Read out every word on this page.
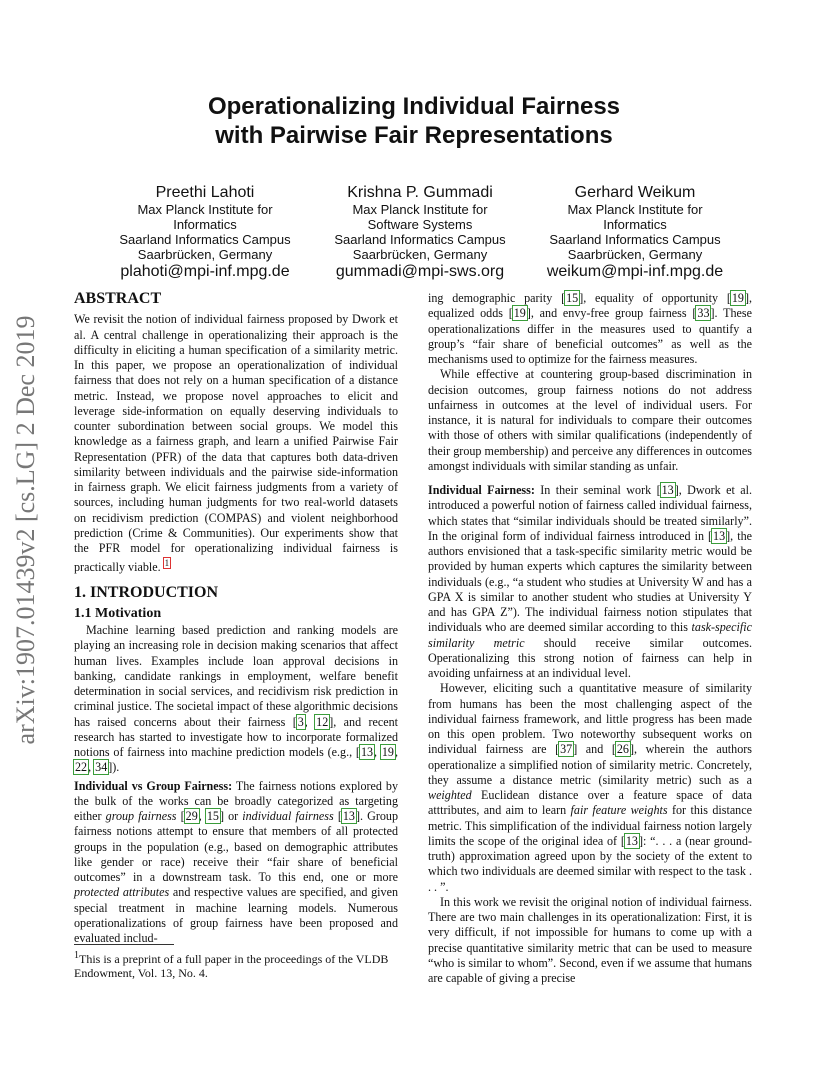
arXiv:1907.01439v2 [cs.LG] 2 Dec 2019
Operationalizing Individual Fairness
with Pairwise Fair Representations
Preethi Lahoti
Max Planck Institute for
Informatics
Saarland Informatics Campus
Saarbrücken, Germany
plahoti@mpi-inf.mpg.de
Krishna P. Gummadi
Max Planck Institute for
Software Systems
Saarland Informatics Campus
Saarbrücken, Germany
gummadi@mpi-sws.org
Gerhard Weikum
Max Planck Institute for
Informatics
Saarland Informatics Campus
Saarbrücken, Germany
weikum@mpi-inf.mpg.de
ABSTRACT

We revisit the notion of individual fairness proposed by Dwork et al. A central challenge in operationalizing their approach is the difficulty in eliciting a human specification of a similarity metric. In this paper, we propose an operationalization of individual fairness that does not rely on a human specification of a distance metric. Instead, we propose novel approaches to elicit and leverage side-information on equally deserving individuals to counter subordination between social groups. We model this knowledge as a fairness graph, and learn a unified Pairwise Fair Representation (PFR) of the data that captures both data-driven similarity between individuals and the pairwise side-information in fairness graph. We elicit fairness judgments from a variety of sources, including human judgments for two real-world datasets on recidivism prediction (COMPAS) and violent neighborhood prediction (Crime & Communities). Our experiments show that the PFR model for operationalizing individual fairness is practically viable. $^1$

1. INTRODUCTION
1.1 Motivation

Machine learning based prediction and ranking models are playing an increasing role in decision making scenarios that affect human lives. Examples include loan approval decisions in banking, candidate rankings in employment, welfare benefit determination in social services, and recidivism risk prediction in criminal justice. The societal impact of these algorithmic decisions has raised concerns about their fairness [3, 12], and recent research has started to investigate how to incorporate formalized notions of fairness into machine prediction models (e.g., [13, 19, 22, 34]).

Individual vs Group Fairness: The fairness notions explored by the bulk of the works can be broadly categorized as targeting either group fairness [29, 15] or individual fairness [13]. Group fairness notions attempt to ensure that members of all protected groups in the population (e.g., based on demographic attributes like gender or race) receive their “fair share of beneficial outcomes” in a downstream task. To this end, one or more protected attributes and respective values are specified, and given special treatment in machine learning models. Numerous operationalizations of group fairness have been proposed and evaluated includ-

$^1$This is a preprint of a full paper in the proceedings of the VLDB Endowment, Vol. 13, No. 4.

ing demographic parity [15], equality of opportunity [19], equalized odds [19], and envy-free group fairness [33]. These operationalizations differ in the measures used to quantify a group’s “fair share of beneficial outcomes” as well as the mechanisms used to optimize for the fairness measures.

While effective at countering group-based discrimination in decision outcomes, group fairness notions do not address unfairness in outcomes at the level of individual users. For instance, it is natural for individuals to compare their outcomes with those of others with similar qualifications (independently of their group membership) and perceive any differences in outcomes amongst individuals with similar standing as unfair.

Individual Fairness: In their seminal work [13], Dwork et al. introduced a powerful notion of fairness called individual fairness, which states that “similar individuals should be treated similarly”. In the original form of individual fairness introduced in [13], the authors envisioned that a task-specific similarity metric would be provided by human experts which captures the similarity between individuals (e.g., “a student who studies at University W and has a GPA X is similar to another student who studies at University Y and has GPA Z”). The individual fairness notion stipulates that individuals who are deemed similar according to this task-specific similarity metric should receive similar outcomes. Operationalizing this strong notion of fairness can help in avoiding unfairness at an individual level.

However, eliciting such a quantitative measure of similarity from humans has been the most challenging aspect of the individual fairness framework, and little progress has been made on this open problem. Two noteworthy subsequent works on individual fairness are [37] and [26], wherein the authors operationalize a simplified notion of similarity metric. Concretely, they assume a distance metric (similarity metric) such as a weighted Euclidean distance over a feature space of data atttributes, and aim to learn fair feature weights for this distance metric. This simplification of the individual fairness notion largely limits the scope of the original idea of [13]: “. . . a (near ground-truth) approximation agreed upon by the society of the extent to which two individuals are deemed similar with respect to the task . . . ”.

In this work we revisit the original notion of individual fairness. There are two main challenges in its operationalization: First, it is very difficult, if not impossible for humans to come up with a precise quantitative similarity metric that can be used to measure “who is similar to whom”. Second, even if we assume that humans are capable of giving a precise
